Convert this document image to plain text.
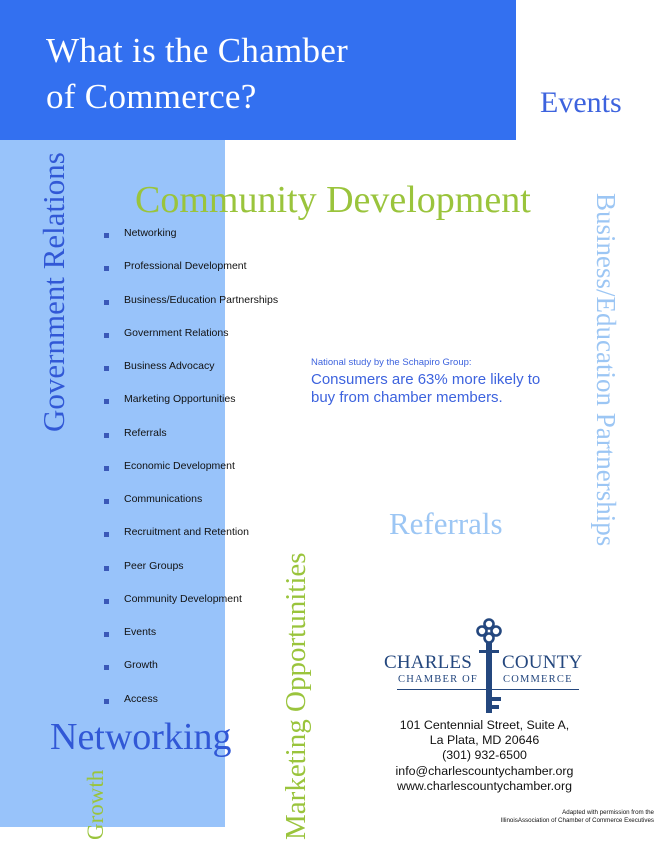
What is the Chamber
of Commerce?	Events
Community Development
Government Relations	Business/Education Partnerships
Referrals
Marketing Opportunities
Networking
Growth
Networking
Professional Development
Business/Education Partnerships
Government Relations
Business Advocacy
Marketing Opportunities
Referrals
Economic Development
Communications
Recruitment and Retention
Peer Groups
Community Development
Events
Growth
Access
National study by the Schapiro Group:
Consumers are 63% more likely to buy from chamber members.
CHARLES COUNTY
CHAMBER OF COMMERCE
101 Centennial Street, Suite A,
La Plata, MD 20646
(301) 932-6500
info@charlescountychamber.org
www.charlescountychamber.org
Adapted with permission from the
IllinoisAssociation of Chamber of Commerce Executives
